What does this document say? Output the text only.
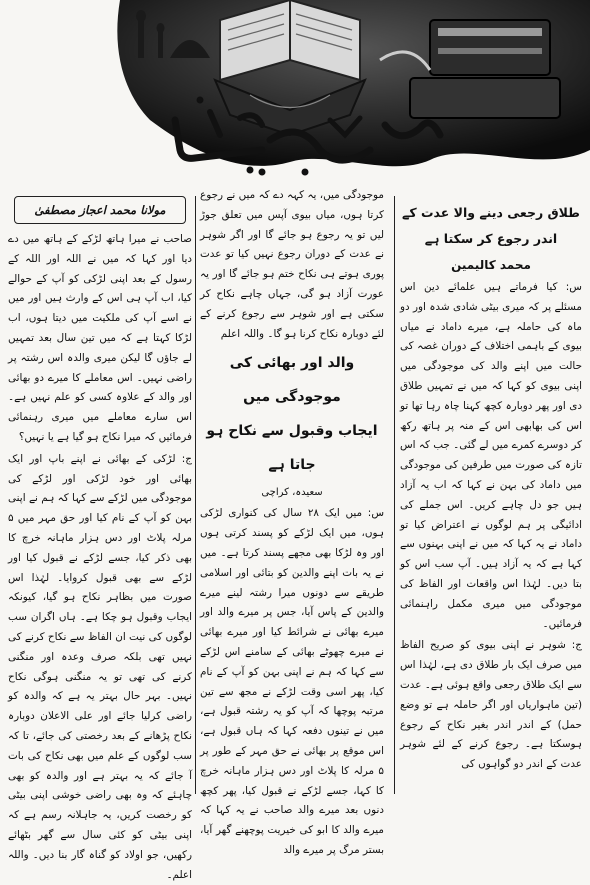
طلاق رجعی دینے والا عدت کے
اندر رجوع کر سکتا ہے
محمد کالیمین

س: کیا فرماتے ہیں علمائے دین اس مسئلے پر کہ میری بیٹی شادی شدہ اور دو ماہ کی حاملہ ہے، میرے داماد نے میاں بیوی کے باہمی اختلاف کے دوران غصہ کی حالت میں اپنے والد کی موجودگی میں اپنی بیوی کو کہا کہ میں نے تمہیں طلاق دی اور پھر دوبارہ کچھ کہنا چاہ رہا تھا تو اس کی بھابھی اس کے منہ پر ہاتھ رکھ کر دوسرے کمرے میں لے گئی۔ جب کہ اس تازہ کی صورت میں طرفین کی موجودگی میں داماد کی بہن نے کہا کہ اب یہ آزاد ہیں جو دل چاہے کریں۔ اس جملے کی ادائیگی پر ہم لوگوں نے اعتراض کیا تو داماد نے یہ کہا کہ میں نے اپنی بہنوں سے کہا ہے کہ یہ آزاد ہیں۔ آپ سب اس کو بتا دیں۔ لہٰذا اس واقعات اور الفاظ کی موجودگی میں میری مکمل راہنمائی فرمائیں۔

ج: شوہر نے اپنی بیوی کو صریح الفاظ میں صرف ایک بار طلاق دی ہے، لہٰذا اس سے ایک طلاق رجعی واقع ہوئی ہے۔ عدت (تین ماہواریاں اور اگر حاملہ ہے تو وضع حمل) کے اندر اندر بغیر نکاح کے رجوع ہوسکتا ہے۔ رجوع کرنے کے لئے شوہر عدت کے اندر دو گواہوں کی

موجودگی میں، یہ کہہ دے کہ میں نے رجوع کرتا ہوں، میاں بیوی آپس میں تعلق جوڑ لیں تو یہ رجوع ہو جائے گا اور اگر شوہر نے عدت کے دوران رجوع نہیں کیا تو عدت پوری ہوتے ہی نکاح ختم ہو جائے گا اور یہ عورت آزاد ہو گی، جہاں چاہے نکاح کر سکتی ہے اور شوہر سے رجوع کرنے کے لئے دوبارہ نکاح کرنا ہو گا۔ واللہ اعلم

والد اور بھائی کی موجودگی میں
ایجاب وقبول سے نکاح ہو جاتا ہے
سعیدہ، کراچی

س: میں ایک ۲۸ سال کی کنواری لڑکی ہوں، میں ایک لڑکے کو پسند کرتی ہوں اور وہ لڑکا بھی مجھے پسند کرتا ہے۔ میں نے یہ بات اپنے والدین کو بتائی اور اسلامی طریقے سے دونوں میرا رشتہ لینے میرے والدین کے پاس آیا، جس پر میرے والد اور میرے بھائی نے شرائط کیا اور میرے بھائی نے میرے چھوٹے بھائی کے سامنے اس لڑکے سے کہا کہ ہم نے اپنی بہن کو آپ کے نام کیا، پھر اسی وقت لڑکے نے مجھ سے تین مرتبہ پوچھا کہ آپ کو یہ رشتہ قبول ہے، میں نے تینوں دفعہ کہا کہ ہاں قبول ہے، اس موقع پر بھائی نے حق مہر کے طور پر ۵ مرلہ کا پلاٹ اور دس ہزار ماہانہ خرچ کا کہا، جسے لڑکے نے قبول کیا، پھر کچھ دنوں بعد میرے والد صاحب نے یہ کہا کہ میرے والد کا ابو کی خیریت پوچھنے گھر آیا، بستر مرگ پر میرے والد

مولانا محمد اعجاز مصطفیٰ

صاحب نے میرا ہاتھ لڑکے کے ہاتھ میں دے دیا اور کہا کہ میں نے اللہ اور اللہ کے رسول کے بعد اپنی لڑکی کو آپ کے حوالے کیا، اب آپ ہی اس کے وارث ہیں اور میں نے اسے آپ کی ملکیت میں دیتا ہوں، اب لڑکا کہتا ہے کہ میں تین سال بعد تمہیں لے جاؤں گا لیکن میری والدہ اس رشتہ پر راضی نہیں۔ اس معاملے کا میرے دو بھائی اور والد کے علاوہ کسی کو علم نہیں ہے۔ اس سارے معاملے میں میری رہنمائی فرمائیں کہ میرا نکاح ہو گیا ہے یا نہیں؟

ج: لڑکی کے بھائی نے اپنے باپ اور ایک بھائی اور خود لڑکی اور لڑکے کی موجودگی میں لڑکے سے کہا کہ ہم نے اپنی بہن کو آپ کے نام کیا اور حق مہر میں ۵ مرلہ پلاٹ اور دس ہزار ماہانہ خرچ کا بھی ذکر کیا، جسے لڑکے نے قبول کیا اور لڑکے سے بھی قبول کروایا۔ لہٰذا اس صورت میں بظاہر نکاح ہو گیا، کیونکہ ایجاب وقبول ہو چکا ہے۔ ہاں اگران سب لوگوں کی نیت ان الفاظ سے نکاح کرنے کی نہیں تھی بلکہ صرف وعدہ اور منگنی کرنے کی تھی تو یہ منگنی ہوگی نکاح نہیں۔ بہر حال بہتر یہ ہے کہ والدہ کو راضی کرلیا جائے اور علی الاعلان دوبارہ نکاح پڑھانے کے بعد رخصتی کی جائے، تا کہ سب لوگوں کے علم میں بھی نکاح کی بات آ جائے کہ یہ بہتر ہے اور والدہ کو بھی چاہئے کہ وہ بھی راضی خوشی اپنی بیٹی کو رخصت کریں، یہ جاہلانہ رسم ہے کہ اپنی بیٹی کو کئی سال سے گھر بٹھائے رکھیں، جو اولاد کو گناہ گار بنا دیں۔ واللہ اعلم۔
